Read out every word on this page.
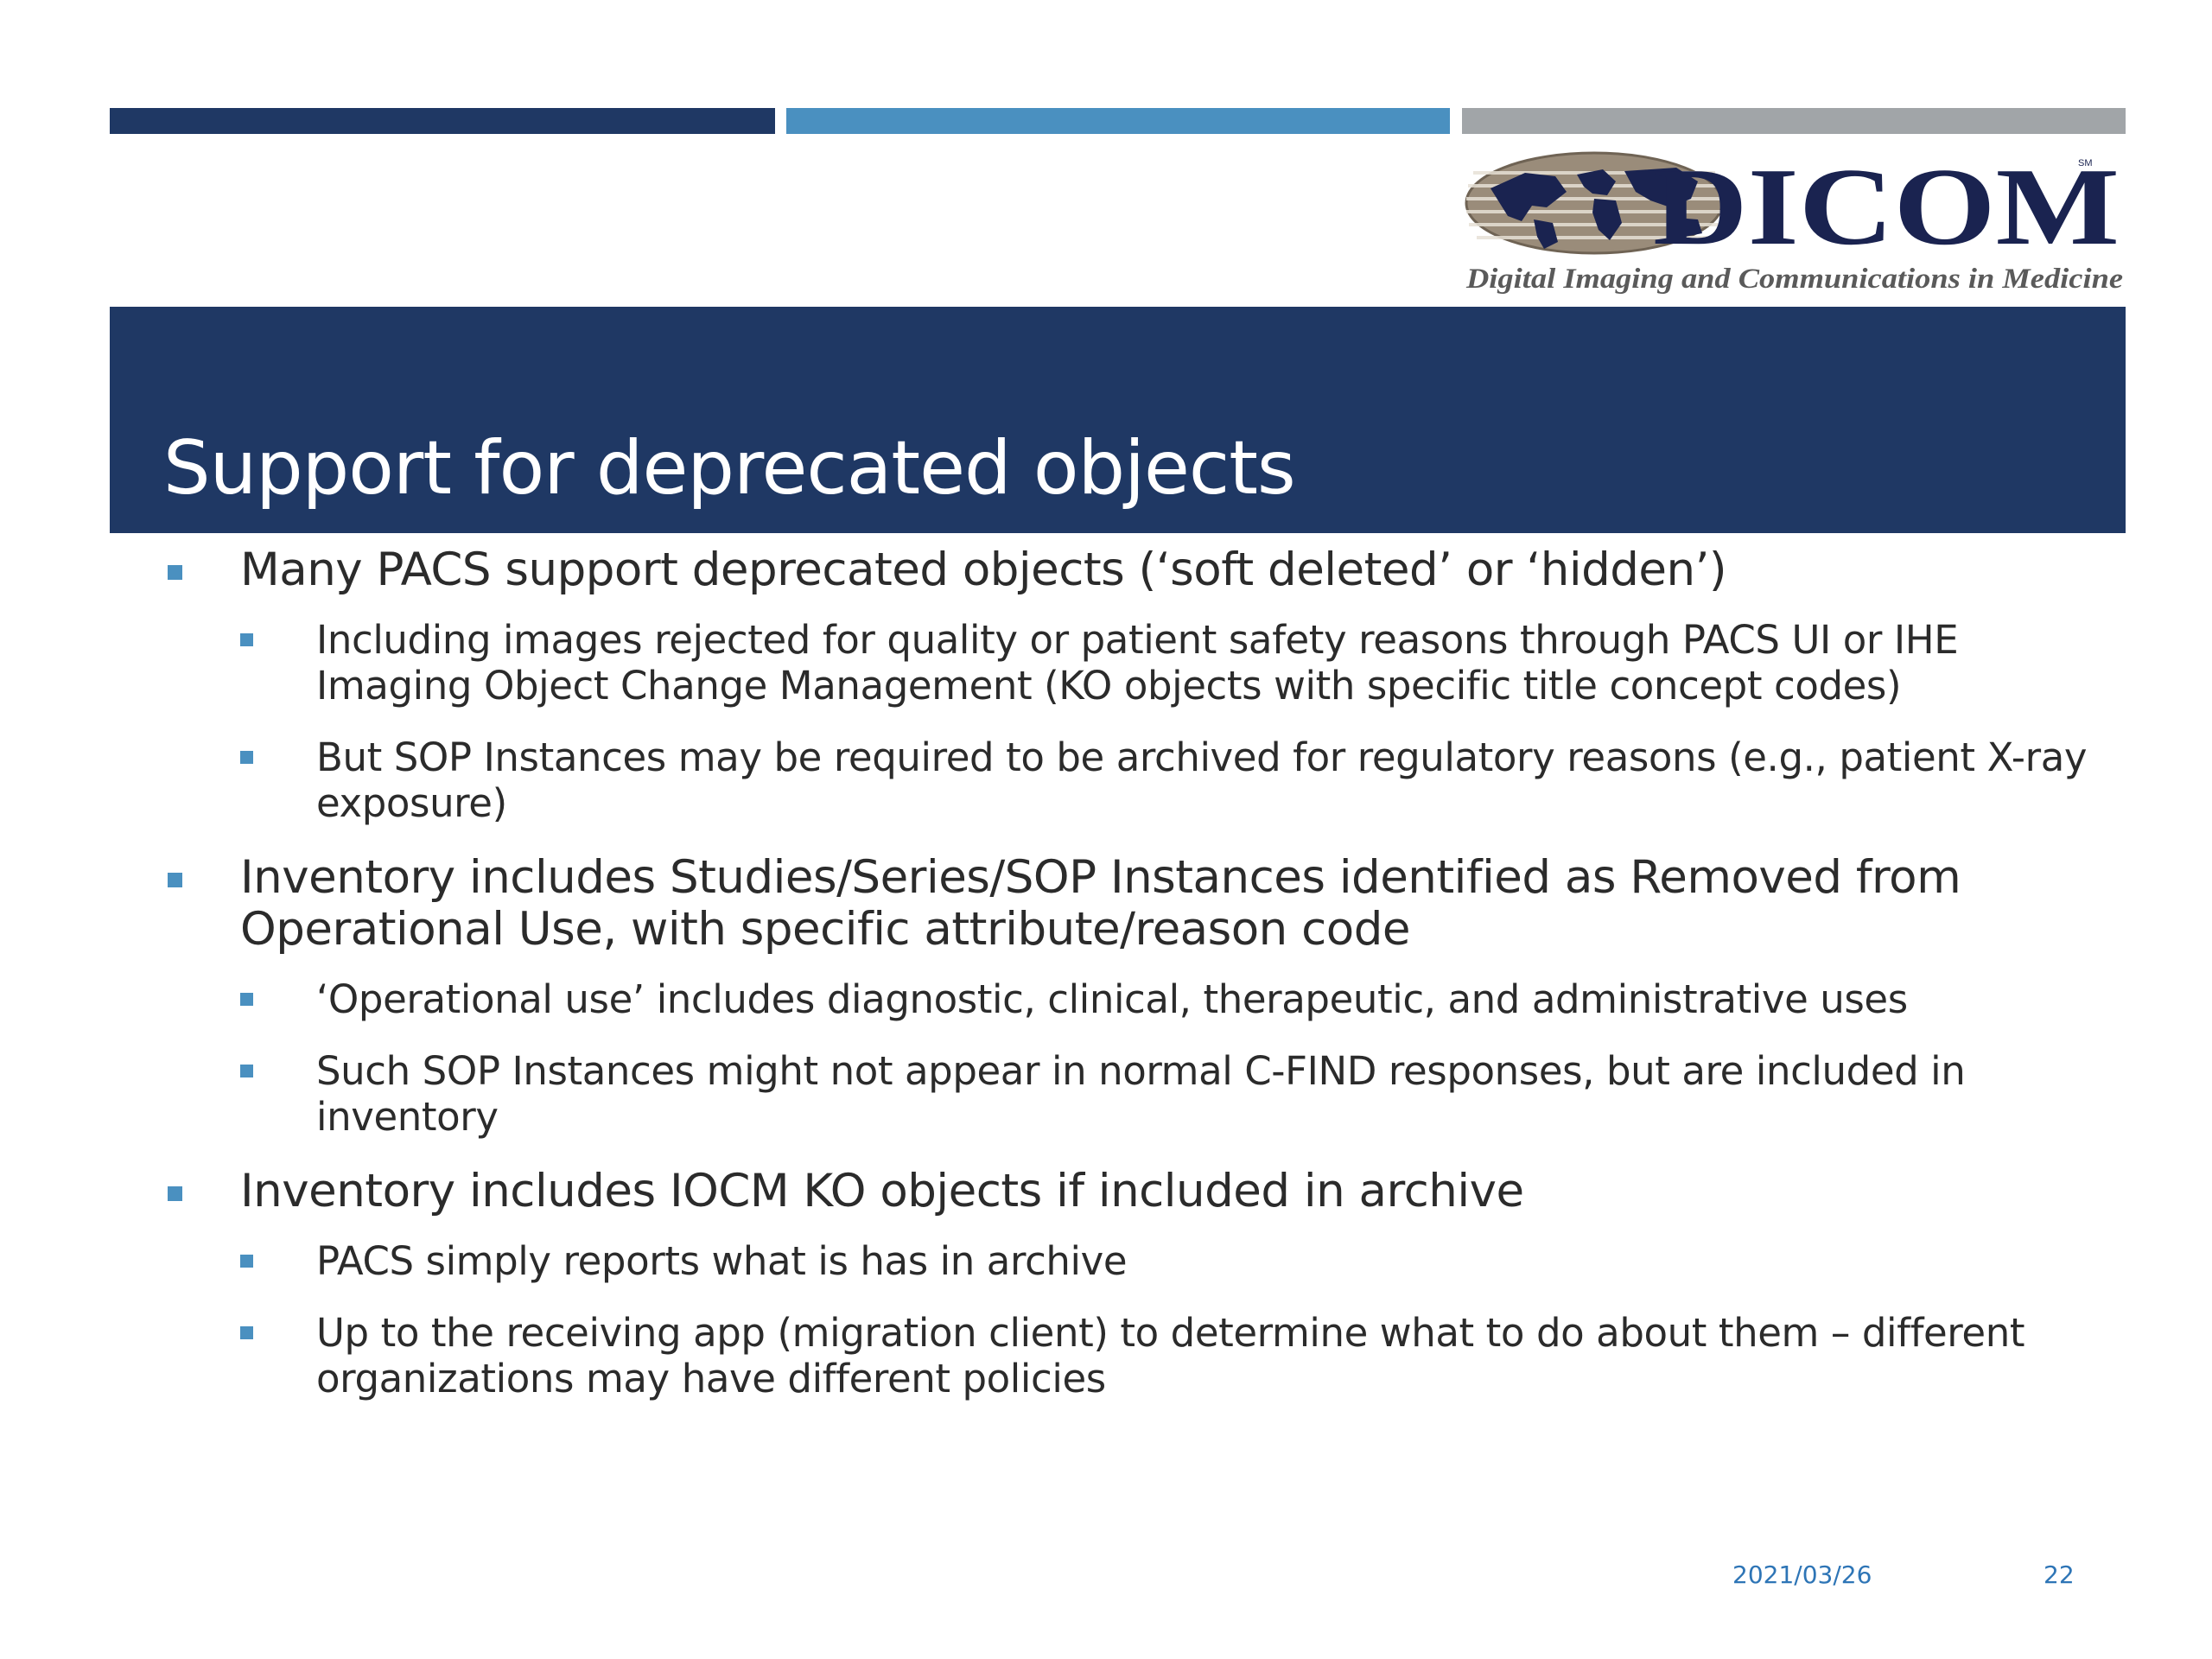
SM
DICOM
Digital Imaging and Communications in Medicine
Support for deprecated objects
Many PACS support deprecated objects (‘soft deleted’ or ‘hidden’)
Including images rejected for quality or patient safety reasons through PACS UI or IHE Imaging Object Change Management (KO objects with specific title concept codes)
But SOP Instances may be required to be archived for regulatory reasons (e.g., patient X-ray exposure)
Inventory includes Studies/Series/SOP Instances identified as Removed from Operational Use, with specific attribute/reason code
‘Operational use’ includes diagnostic, clinical, therapeutic, and administrative uses
Such SOP Instances might not appear in normal C-FIND responses, but are included in inventory
Inventory includes IOCM KO objects if included in archive
PACS simply reports what is has in archive
Up to the receiving app (migration client) to determine what to do about them – different organizations may have different policies
2021/03/26	22
